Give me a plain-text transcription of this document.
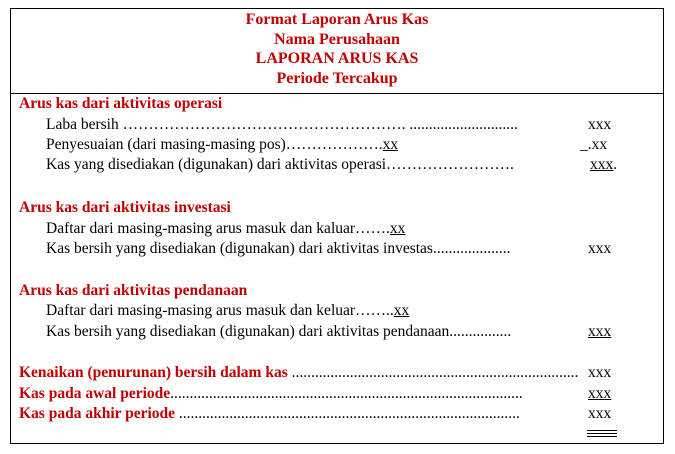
Format Laporan Arus Kas
Nama Perusahaan
LAPORAN ARUS KAS
Periode Tercakup
Arus kas dari aktivitas operasi
Laba bersih ………………………………………………. ............................	xxx
Penyesuaian (dari masing-masing pos)……………….xx	_.xx
Kas yang disediakan (digunakan) dari aktivitas operasi…………………….	xxx.
Arus kas dari aktivitas investasi
Daftar dari masing-masing arus masuk dan kaluar…….xx
Kas bersih yang disediakan (digunakan) dari aktivitas investas....................	xxx
Arus kas dari aktivitas pendanaan
Daftar dari masing-masing arus masuk dan keluar……..xx
Kas bersih yang disediakan (digunakan) dari aktivitas pendanaan................	xxx
Kenaikan (penurunan) bersih dalam kas .......................................................................... xxx
Kas pada awal periode...........................................................................................	xxx
Kas pada akhir periode ........................................................................................	xxx
